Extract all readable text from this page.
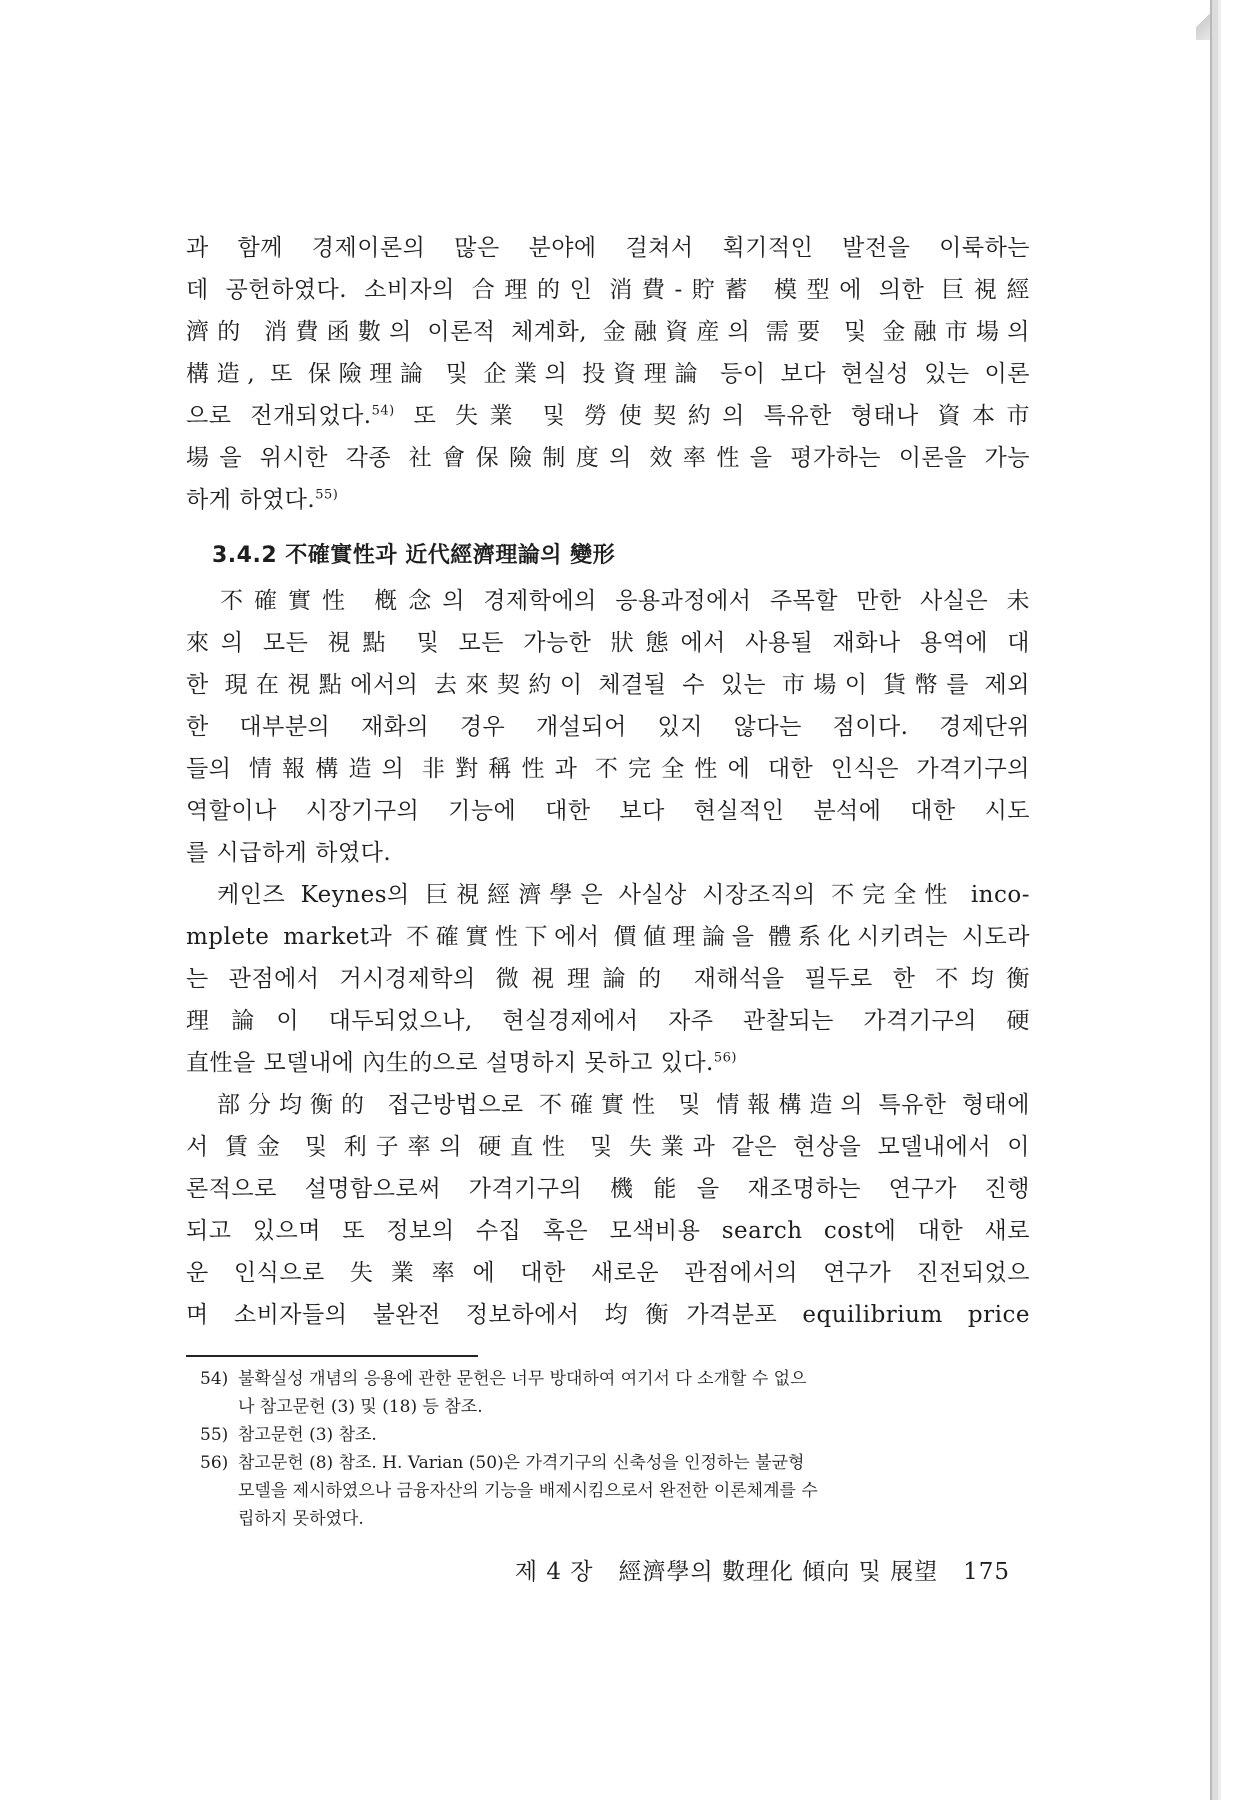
과 함께 경제이론의 많은 분야에 걸쳐서 획기적인 발전을 이룩하는
데 공헌하였다. 소비자의 合理的인 消費-貯蓄 模型에 의한 巨視經
濟的 消費函數의 이론적 체계화, 金融資産의 需要 및 金融市場의
構造, 또 保險理論 및 企業의 投資理論 등이 보다 현실성 있는 이론
으로 전개되었다.$^{54)}$ 또 失業 및 勞使契約의 특유한 형태나 資本市
場을 위시한 각종 社會保險制度의 效率性을 평가하는 이론을 가능
하게 하였다.$^{55)}$
3.4.2 不確實性과 近代經濟理論의 變形
　不確實性 槪念의 경제학에의 응용과정에서 주목할 만한 사실은 未
來의 모든 視點 및 모든 가능한 狀態에서 사용될 재화나 용역에 대
한 現在視點에서의 去來契約이 체결될 수 있는 市場이 貨幣를 제외
한 대부분의 재화의 경우 개설되어 있지 않다는 점이다. 경제단위
들의 情報構造의 非對稱性과 不完全性에 대한 인식은 가격기구의
역할이나 시장기구의 기능에 대한 보다 현실적인 분석에 대한 시도
를 시급하게 하였다.
　케인즈 Keynes의 巨視經濟學은 사실상 시장조직의 不完全性 inco-
mplete market과 不確實性下에서 價値理論을 體系化시키려는 시도라
는 관점에서 거시경제학의 微視理論的 재해석을 필두로 한 不均衡
理論이 대두되었으나, 현실경제에서 자주 관찰되는 가격기구의 硬
直性을 모델내에 內生的으로 설명하지 못하고 있다.$^{56)}$
　部分均衡的 접근방법으로 不確實性 및 情報構造의 특유한 형태에
서 賃金 및 利子率의 硬直性 및 失業과 같은 현상을 모델내에서 이
론적으로 설명함으로써 가격기구의 機能을 재조명하는 연구가 진행
되고 있으며 또 정보의 수집 혹은 모색비용 search cost에 대한 새로
운 인식으로 失業率에 대한 새로운 관점에서의 연구가 진전되었으
며 소비자들의 불완전 정보하에서 均衡가격분포 equilibrium price
54) 불확실성 개념의 응용에 관한 문헌은 너무 방대하여 여기서 다 소개할 수 없으
나 참고문헌 (3) 및 (18) 등 참조.
55) 참고문헌 (3) 참조.
56) 참고문헌 (8) 참조. H. Varian (50)은 가격기구의 신축성을 인정하는 불균형
모델을 제시하였으나 금융자산의 기능을 배제시킴으로서 완전한 이론체계를 수
립하지 못하였다.
제 4 장 經濟學의 數理化 傾向 및 展望 175
